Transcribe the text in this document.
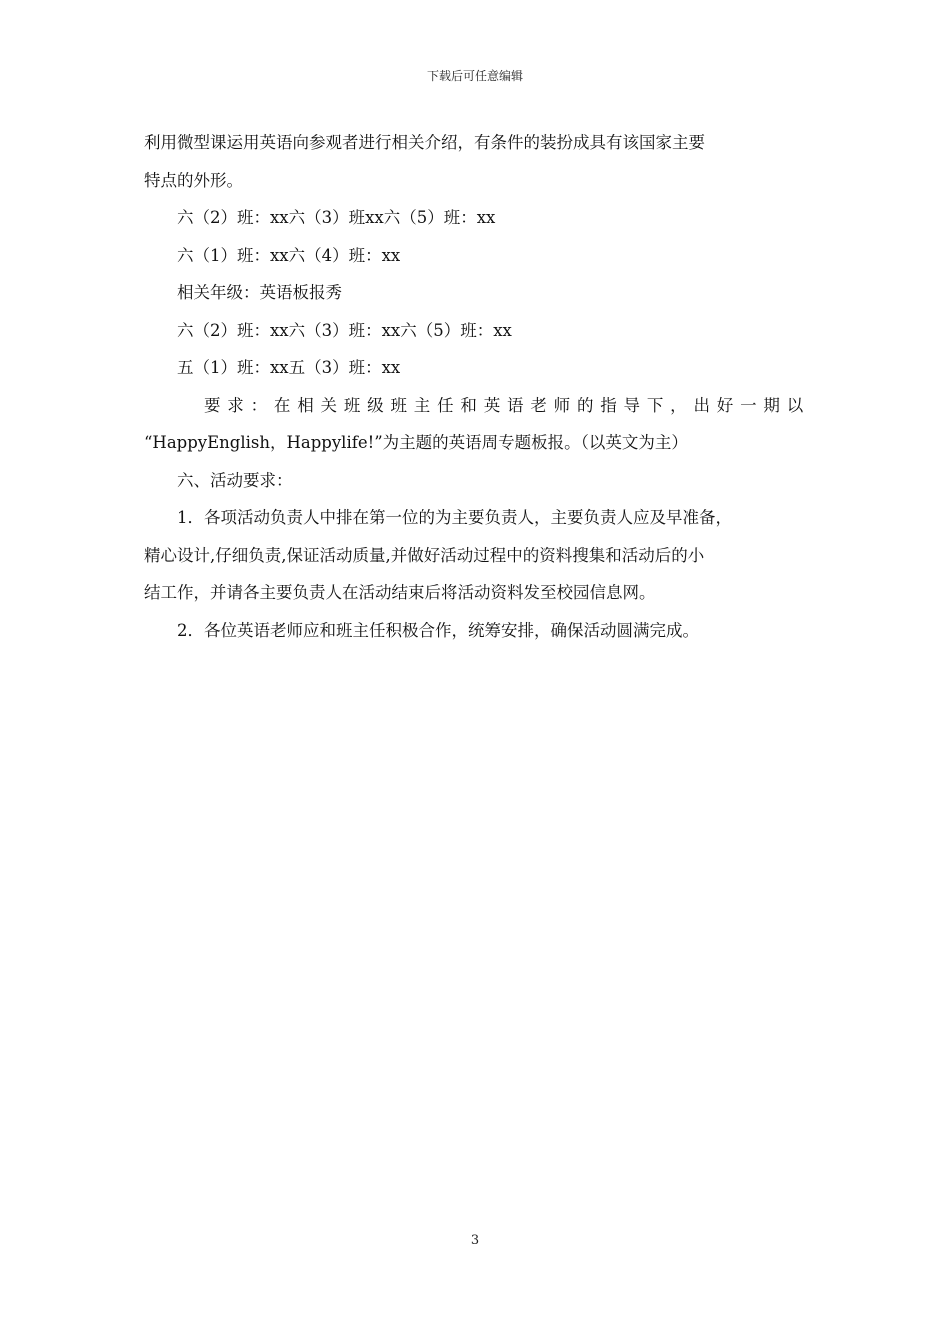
下载后可任意编辑

利用微型课运用英语向参观者进行相关介绍，有条件的装扮成具有该国家主要

特点的外形。

六（2）班：xx六（3）班xx六（5）班：xx

六（1）班：xx六（4）班：xx

相关年级：英语板报秀

六（2）班：xx六（3）班：xx六（5）班：xx

五（1）班：xx五（3）班：xx

要求：在相关班级班主任和英语老师的指导下，出好一期以

“HappyEnglish，Happylife!”为主题的英语周专题板报。（以英文为主）

六、活动要求：

1．各项活动负责人中排在第一位的为主要负责人，主要负责人应及早准备，

精心设计,仔细负责,保证活动质量,并做好活动过程中的资料搜集和活动后的小

结工作，并请各主要负责人在活动结束后将活动资料发至校园信息网。

2．各位英语老师应和班主任积极合作，统筹安排，确保活动圆满完成。

3
